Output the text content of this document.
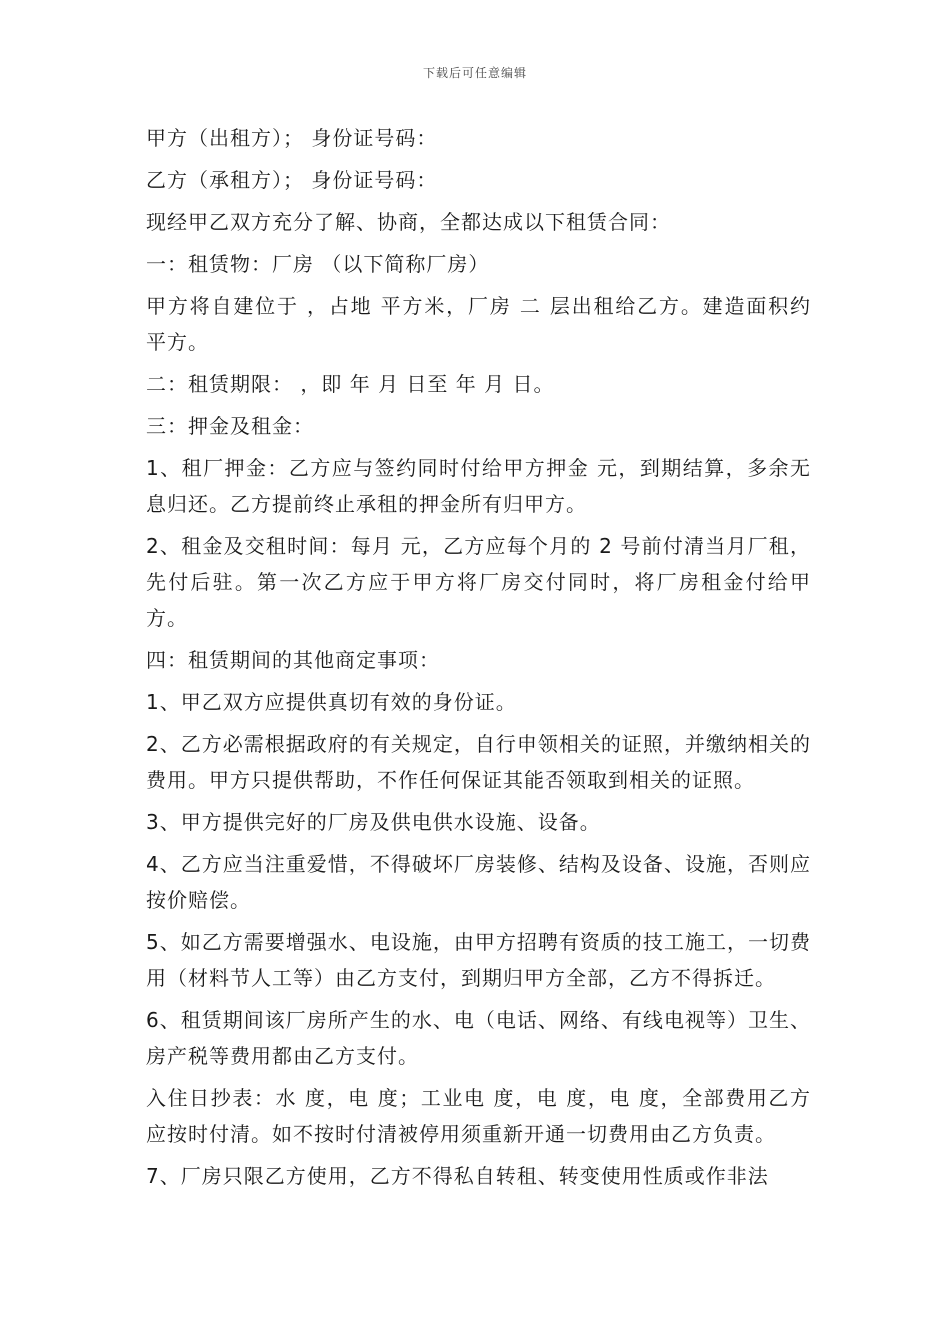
下载后可任意编辑

甲方（出租方）； 身份证号码：

乙方（承租方）； 身份证号码：

现经甲乙双方充分了解、协商，全都达成以下租赁合同：

一：租赁物：厂房 （以下简称厂房）

甲方将自建位于 ，占地 平方米，厂房 二 层出租给乙方。建造面积约 平方。

二：租赁期限： ，即 年 月 日至 年 月 日。

三：押金及租金：

1、租厂押金：乙方应与签约同时付给甲方押金 元，到期结算，多余无息归还。乙方提前终止承租的押金所有归甲方。

2、租金及交租时间：每月 元，乙方应每个月的 2 号前付清当月厂租，先付后驻。第一次乙方应于甲方将厂房交付同时，将厂房租金付给甲方。

四：租赁期间的其他商定事项：

1、甲乙双方应提供真切有效的身份证。

2、乙方必需根据政府的有关规定，自行申领相关的证照，并缴纳相关的费用。甲方只提供帮助，不作任何保证其能否领取到相关的证照。

3、甲方提供完好的厂房及供电供水设施、设备。

4、乙方应当注重爱惜，不得破坏厂房装修、结构及设备、设施，否则应按价赔偿。

5、如乙方需要增强水、电设施，由甲方招聘有资质的技工施工，一切费用（材料节人工等）由乙方支付，到期归甲方全部，乙方不得拆迁。

6、租赁期间该厂房所产生的水、电（电话、网络、有线电视等）卫生、房产税等费用都由乙方支付。

入住日抄表：水 度，电 度；工业电 度，电 度，电 度，全部费用乙方应按时付清。如不按时付清被停用须重新开通一切费用由乙方负责。

7、厂房只限乙方使用，乙方不得私自转租、转变使用性质或作非法
